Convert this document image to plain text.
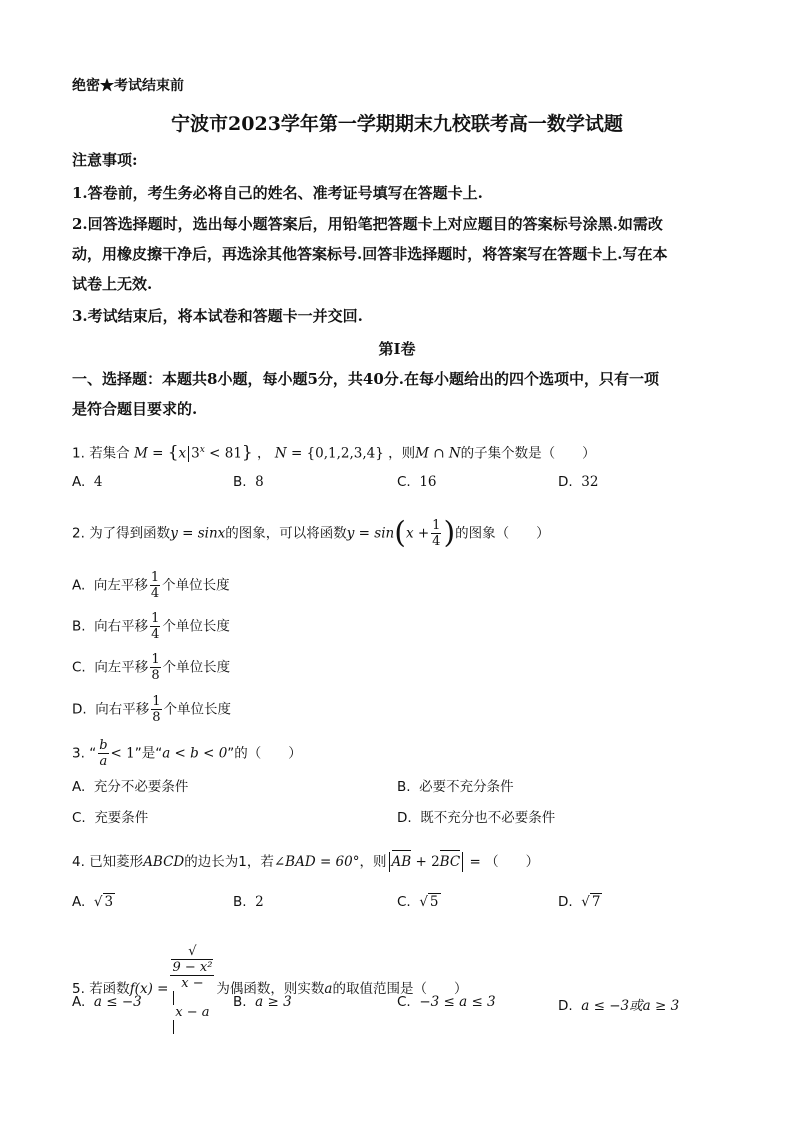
绝密★考试结束前
宁波市2023学年第一学期期末九校联考高一数学试题
注意事项:
1.答卷前，考生务必将自己的姓名、准考证号填写在答题卡上.
2.回答选择题时，选出每小题答案后，用铅笔把答题卡上对应题目的答案标号涂黑.如需改
动，用橡皮擦干净后，再选涂其他答案标号.回答非选择题时，将答案写在答题卡上.写在本
试卷上无效.
3.考试结束后，将本试卷和答题卡一并交回.
第Ⅰ卷
一、选择题：本题共8小题，每小题5分，共40分.在每小题给出的四个选项中，只有一项
是符合题目要求的.
1. 若集合 M = {x $3^x < 81$} ， N = {0,1,2,3,4} ，则M ∩ N的子集个数是（　　）
A. 4	B. 8	C. 16	D. 32
2. 为了得到函数y = sinx的图象，可以将函数$y = \sin(x + \frac{1}{4}$ )的图象（　　）
A. 向左平移 $\frac{1}{4}$ 个单位长度
B. 向右平移 $\frac{1}{4}$ 个单位长度
C. 向左平移 $\frac{1}{8}$ 个单位长度
D. 向右平移 $\frac{1}{8}$ 个单位长度
3. “ $\frac{b}{a} < 1$”是“a < b < 0”的（　　）
A. 充分不必要条件	B. 必要不充分条件
C. 充要条件	D. 既不充分也不必要条件
4. 已知菱形ABCD的边长为1，若∠BAD = 60°，则 AB + 2BC = （　　）
A. √ 3	B. 2	C. √ 5	D. √ 7
5. 若函数f(x) = √
9 − x²
x −
x − a 为偶函数，则实数a的取值范围是（　　）
A. a ≤ −3	B. a ≥ 3	C. −3 ≤ a ≤ 3	D. a ≤ −3或a ≥ 3
